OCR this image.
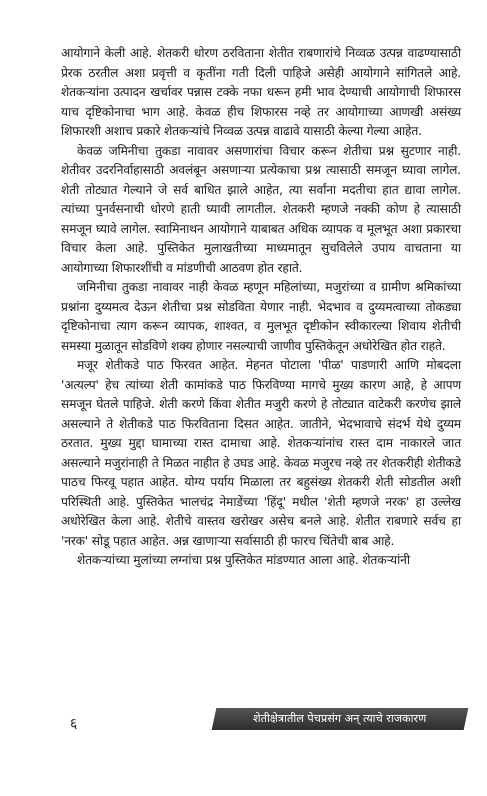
आयोगाने केली आहे. शेतकरी धोरण ठरविताना शेतीत राबणारांचे निव्वळ उत्पन्न वाढण्यासाठी प्रेरक ठरतील अशा प्रवृत्ती व कृतींना गती दिली पाहिजे असेही आयोगाने सांगितले आहे. शेतकऱ्यांना उत्पादन खर्चावर पन्नास टक्के नफा धरून हमी भाव देण्याची आयोगाची शिफारस याच दृष्टिकोनाचा भाग आहे. केवळ हीच शिफारस नव्हे तर आयोगाच्या आणखी असंख्य शिफारशी अशाच प्रकारे शेतकऱ्यांचे निव्वळ उत्पन्न वाढावे यासाठी केल्या गेल्या आहेत.

केवळ जमिनीचा तुकडा नावावर असणारांचा विचार करून शेतीचा प्रश्न सुटणार नाही. शेतीवर उदरनिर्वाहासाठी अवलंबून असणाऱ्या प्रत्येकाचा प्रश्न त्यासाठी समजून घ्यावा लागेल. शेती तोट्यात गेल्याने जे सर्व बाधित झाले आहेत, त्या सर्वांना मदतीचा हात द्यावा लागेल. त्यांच्या पुनर्वसनाची धोरणे हाती घ्यावी लागतील. शेतकरी म्हणजे नक्की कोण हे त्यासाठी समजून घ्यावे लागेल. स्वामिनाथन आयोगाने याबाबत अधिक व्यापक व मूलभूत अशा प्रकारचा विचार केला आहे. पुस्तिकेत मुलाखतीच्या माध्यमातून सुचविलेले उपाय वाचताना या आयोगाच्या शिफारशींची व मांडणीची आठवण होत रहाते.

जमिनीचा तुकडा नावावर नाही केवळ म्हणून महिलांच्या, मजुरांच्या व ग्रामीण श्रमिकांच्या प्रश्नांना दुय्यमत्व देऊन शेतीचा प्रश्न सोडविता येणार नाही. भेदभाव व दुय्यमत्वाच्या तोकड्या दृष्टिकोनाचा त्याग करून व्यापक, शाश्वत, व मुलभूत दृष्टीकोन स्वीकारल्या शिवाय शेतीची समस्या मुळातून सोडविणे शक्य होणार नसल्याची जाणीव पुस्तिकेतून अधोरेखित होत राहते.

मजूर शेतीकडे पाठ फिरवत आहेत. मेहनत पोटाला 'पीळ' पाडणारी आणि मोबदला 'अत्यल्प' हेच त्यांच्या शेती कामांकडे पाठ फिरविण्या मागचे मुख्य कारण आहे, हे आपण समजून घेतले पाहिजे. शेती करणे किंवा शेतीत मजुरी करणे हे तोट्यात वाटेकरी करणेच झाले असल्याने ते शेतीकडे पाठ फिरविताना दिसत आहेत. जातीने, भेदभावाचे संदर्भ येथे दुय्यम ठरतात. मुख्य मुद्दा घामाच्या रास्त दामाचा आहे. शेतकऱ्यांनांच रास्त दाम नाकारले जात असल्याने मजुरांनाही ते मिळत नाहीत हे उघड आहे. केवळ मजुरच नव्हे तर शेतकरीही शेतीकडे पाठच फिरवू पहात आहेत. योग्य पर्याय मिळाला तर बहुसंख्य शेतकरी शेती सोडतील अशी परिस्थिती आहे. पुस्तिकेत भालचंद्र नेमाडेंच्या 'हिंदू' मधील 'शेती म्हणजे नरक' हा उल्लेख अधोरेखित केला आहे. शेतीचे वास्तव खरोखर असेच बनले आहे. शेतीत राबणारे सर्वच हा 'नरक' सोडू पहात आहेत. अन्न खाणाऱ्या सर्वासाठी ही फारच चिंतेची बाब आहे.

शेतकऱ्यांच्या मुलांच्या लग्नांचा प्रश्न पुस्तिकेत मांडण्यात आला आहे. शेतकऱ्यांनी

६	शेतीक्षेत्रातील पेचप्रसंग अन् त्याचे राजकारण
